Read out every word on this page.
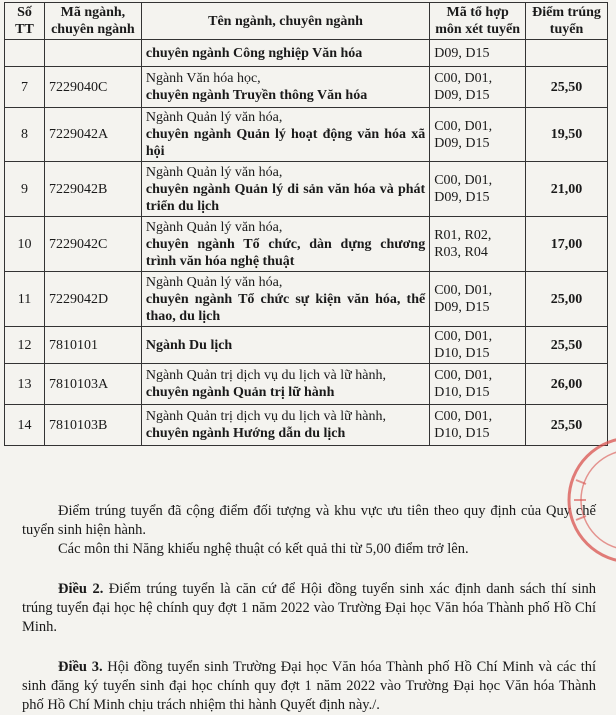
Số TT	Mã ngành, chuyên ngành	Tên ngành, chuyên ngành	Mã tổ hợp môn xét tuyển	Điểm trúng tuyển
		chuyên ngành Công nghiệp Văn hóa	D09, D15	
7	7229040C	Ngành Văn hóa học,
chuyên ngành Truyền thông Văn hóa	C00, D01,
D09, D15	25,50
8	7229042A	Ngành Quản lý văn hóa,
chuyên ngành Quản lý hoạt động văn hóa xã hội	C00, D01,
D09, D15	19,50
9	7229042B	Ngành Quản lý văn hóa,
chuyên ngành Quản lý di sản văn hóa và phát triển du lịch	C00, D01,
D09, D15	21,00
10	7229042C	Ngành Quản lý văn hóa,
chuyên ngành Tổ chức, dàn dựng chương trình văn hóa nghệ thuật	R01, R02,
R03, R04	17,00
11	7229042D	Ngành Quản lý văn hóa,
chuyên ngành Tổ chức sự kiện văn hóa, thể thao, du lịch	C00, D01,
D09, D15	25,00
12	7810101	Ngành Du lịch	C00, D01,
D10, D15	25,50
13	7810103A	Ngành Quản trị dịch vụ du lịch và lữ hành,
chuyên ngành Quản trị lữ hành	C00, D01,
D10, D15	26,00
14	7810103B	Ngành Quản trị dịch vụ du lịch và lữ hành,
chuyên ngành Hướng dẫn du lịch	C00, D01,
D10, D15	25,50

Điểm trúng tuyển đã cộng điểm đối tượng và khu vực ưu tiên theo quy định của Quy chế tuyển sinh hiện hành.

Các môn thi Năng khiếu nghệ thuật có kết quả thi từ 5,00 điểm trở lên.

Điều 2. Điểm trúng tuyển là căn cứ để Hội đồng tuyển sinh xác định danh sách thí sinh trúng tuyển đại học hệ chính quy đợt 1 năm 2022 vào Trường Đại học Văn hóa Thành phố Hồ Chí Minh.

Điều 3. Hội đồng tuyển sinh Trường Đại học Văn hóa Thành phố Hồ Chí Minh và các thí sinh đăng ký tuyển sinh đại học chính quy đợt 1 năm 2022 vào Trường Đại học Văn hóa Thành phố Hồ Chí Minh chịu trách nhiệm thi hành Quyết định này./.
